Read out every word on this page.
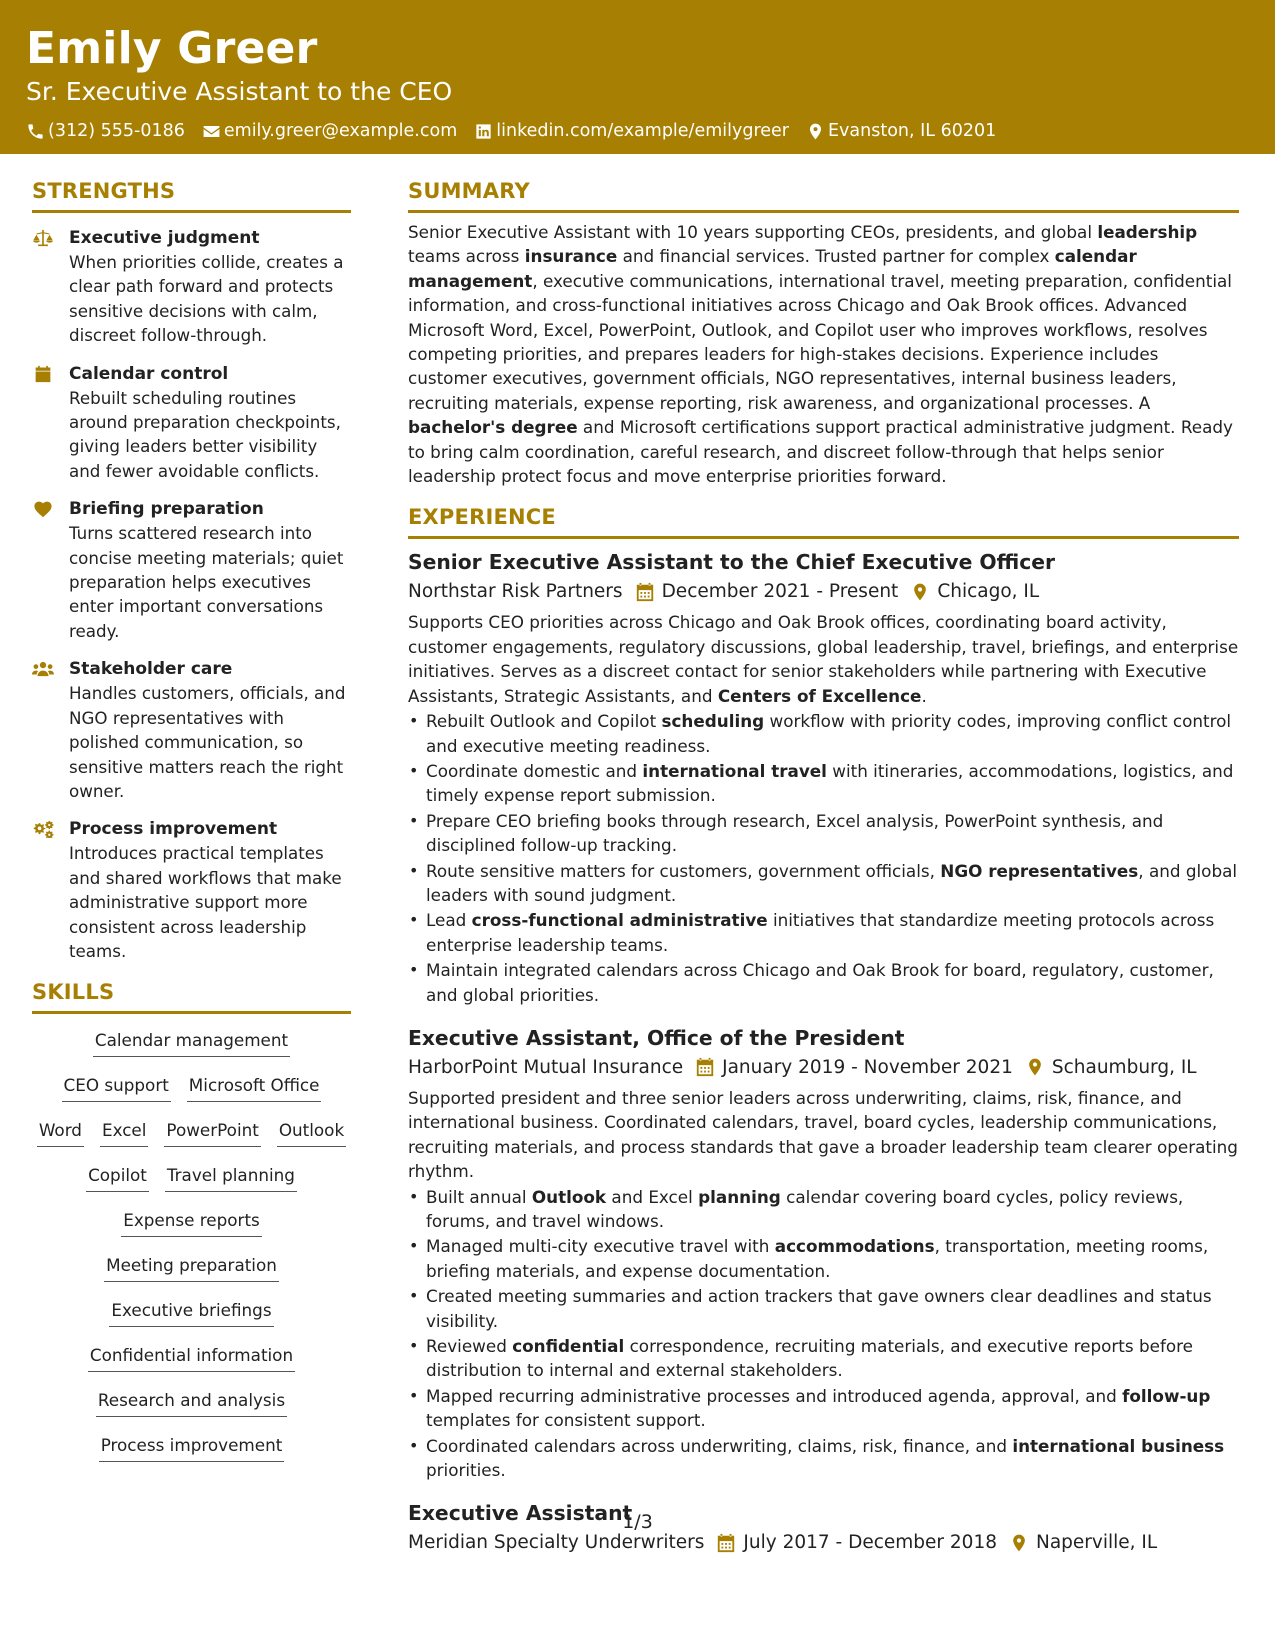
Emily Greer
Sr. Executive Assistant to the CEO
(312) 555-0186 emily.greer@example.com linkedin.com/example/emilygreer Evanston, IL 60201
STRENGTHS
Executive judgment
When priorities collide, creates a clear path forward and protects sensitive decisions with calm, discreet follow-through.
Calendar control
Rebuilt scheduling routines around preparation checkpoints, giving leaders better visibility and fewer avoidable conflicts.
Briefing preparation
Turns scattered research into concise meeting materials; quiet preparation helps executives enter important conversations ready.
Stakeholder care
Handles customers, officials, and NGO representatives with polished communication, so sensitive matters reach the right owner.
Process improvement
Introduces practical templates and shared workflows that make administrative support more consistent across leadership teams.
SKILLS
Calendar management
CEO support Microsoft Office
Word Excel PowerPoint Outlook
Copilot Travel planning
Expense reports
Meeting preparation
Executive briefings
Confidential information
Research and analysis
Process improvement
SUMMARY
Senior Executive Assistant with 10 years supporting CEOs, presidents, and global leadership teams across insurance and financial services. Trusted partner for complex calendar management, executive communications, international travel, meeting preparation, confidential information, and cross-functional initiatives across Chicago and Oak Brook offices. Advanced Microsoft Word, Excel, PowerPoint, Outlook, and Copilot user who improves workflows, resolves competing priorities, and prepares leaders for high-stakes decisions. Experience includes customer executives, government officials, NGO representatives, internal business leaders, recruiting materials, expense reporting, risk awareness, and organizational processes. A bachelor's degree and Microsoft certifications support practical administrative judgment. Ready to bring calm coordination, careful research, and discreet follow-through that helps senior leadership protect focus and move enterprise priorities forward.
EXPERIENCE
Senior Executive Assistant to the Chief Executive Officer
Northstar Risk Partners December 2021 - Present Chicago, IL
Supports CEO priorities across Chicago and Oak Brook offices, coordinating board activity, customer engagements, regulatory discussions, global leadership, travel, briefings, and enterprise initiatives. Serves as a discreet contact for senior stakeholders while partnering with Executive Assistants, Strategic Assistants, and Centers of Excellence.
• Rebuilt Outlook and Copilot scheduling workflow with priority codes, improving conflict control and executive meeting readiness.
• Coordinate domestic and international travel with itineraries, accommodations, logistics, and timely expense report submission.
• Prepare CEO briefing books through research, Excel analysis, PowerPoint synthesis, and disciplined follow-up tracking.
• Route sensitive matters for customers, government officials, NGO representatives, and global leaders with sound judgment.
• Lead cross-functional administrative initiatives that standardize meeting protocols across enterprise leadership teams.
• Maintain integrated calendars across Chicago and Oak Brook for board, regulatory, customer, and global priorities.
Executive Assistant, Office of the President
HarborPoint Mutual Insurance January 2019 - November 2021 Schaumburg, IL
Supported president and three senior leaders across underwriting, claims, risk, finance, and international business. Coordinated calendars, travel, board cycles, leadership communications, recruiting materials, and process standards that gave a broader leadership team clearer operating rhythm.
• Built annual Outlook and Excel planning calendar covering board cycles, policy reviews, forums, and travel windows.
• Managed multi-city executive travel with accommodations, transportation, meeting rooms, briefing materials, and expense documentation.
• Created meeting summaries and action trackers that gave owners clear deadlines and status visibility.
• Reviewed confidential correspondence, recruiting materials, and executive reports before distribution to internal and external stakeholders.
• Mapped recurring administrative processes and introduced agenda, approval, and follow-up templates for consistent support.
• Coordinated calendars across underwriting, claims, risk, finance, and international business priorities.
Executive Assistant
Meridian Specialty Underwriters July 2017 - December 2018 Naperville, IL
1/3
